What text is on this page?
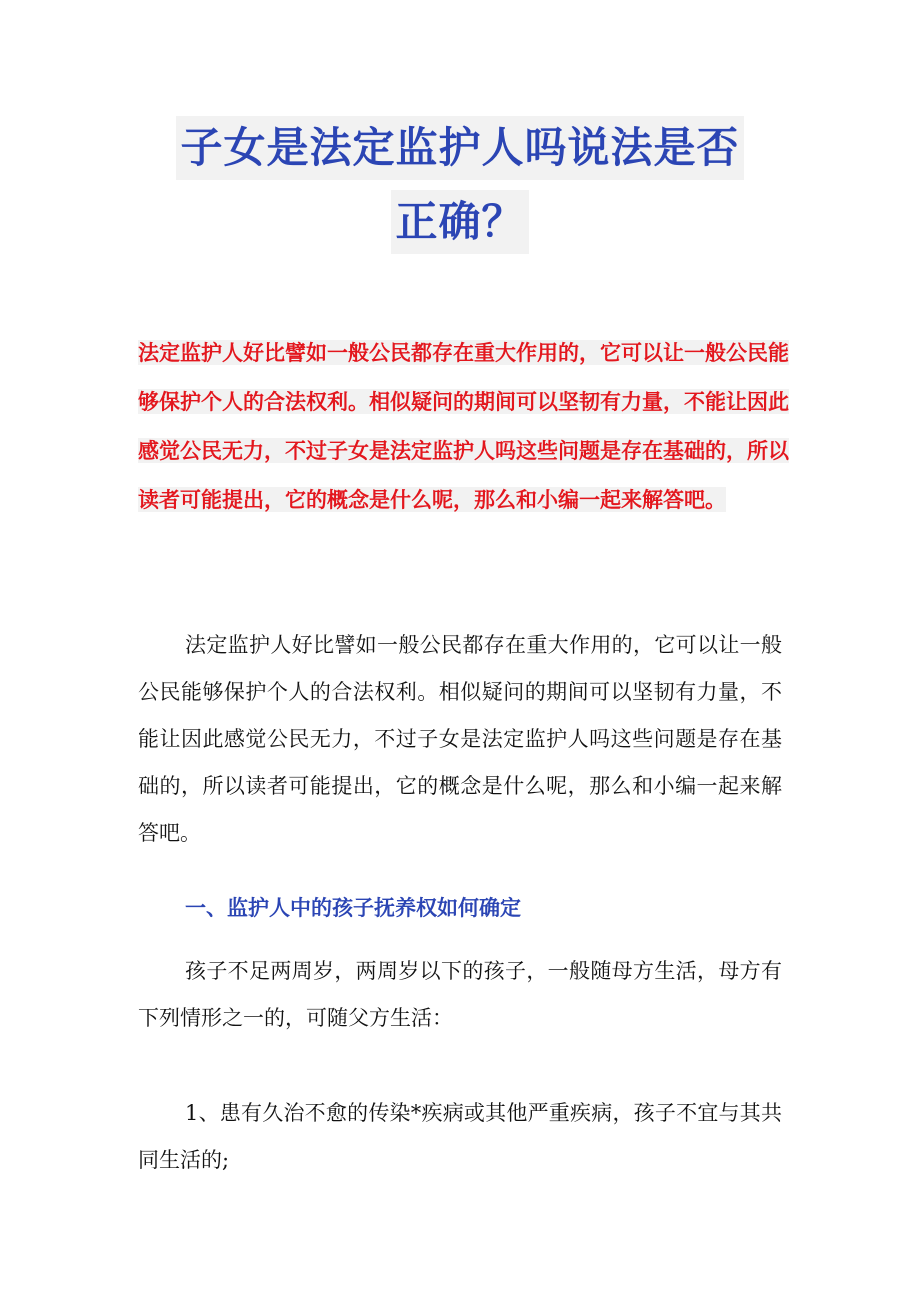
子女是法定监护人吗说法是否
正确？
法定监护人好比譬如一般公民都存在重大作用的，它可以让一般公民能够保护个人的合法权利。相似疑问的期间可以坚韧有力量，不能让因此感觉公民无力，不过子女是法定监护人吗这些问题是存在基础的，所以读者可能提出，它的概念是什么呢，那么和小编一起来解答吧。

法定监护人好比譬如一般公民都存在重大作用的，它可以让一般公民能够保护个人的合法权利。相似疑问的期间可以坚韧有力量，不能让因此感觉公民无力，不过子女是法定监护人吗这些问题是存在基础的，所以读者可能提出，它的概念是什么呢，那么和小编一起来解答吧。

一、监护人中的孩子抚养权如何确定

孩子不足两周岁，两周岁以下的孩子，一般随母方生活，母方有下列情形之一的，可随父方生活：

1、患有久治不愈的传染*疾病或其他严重疾病，孩子不宜与其共同生活的;
